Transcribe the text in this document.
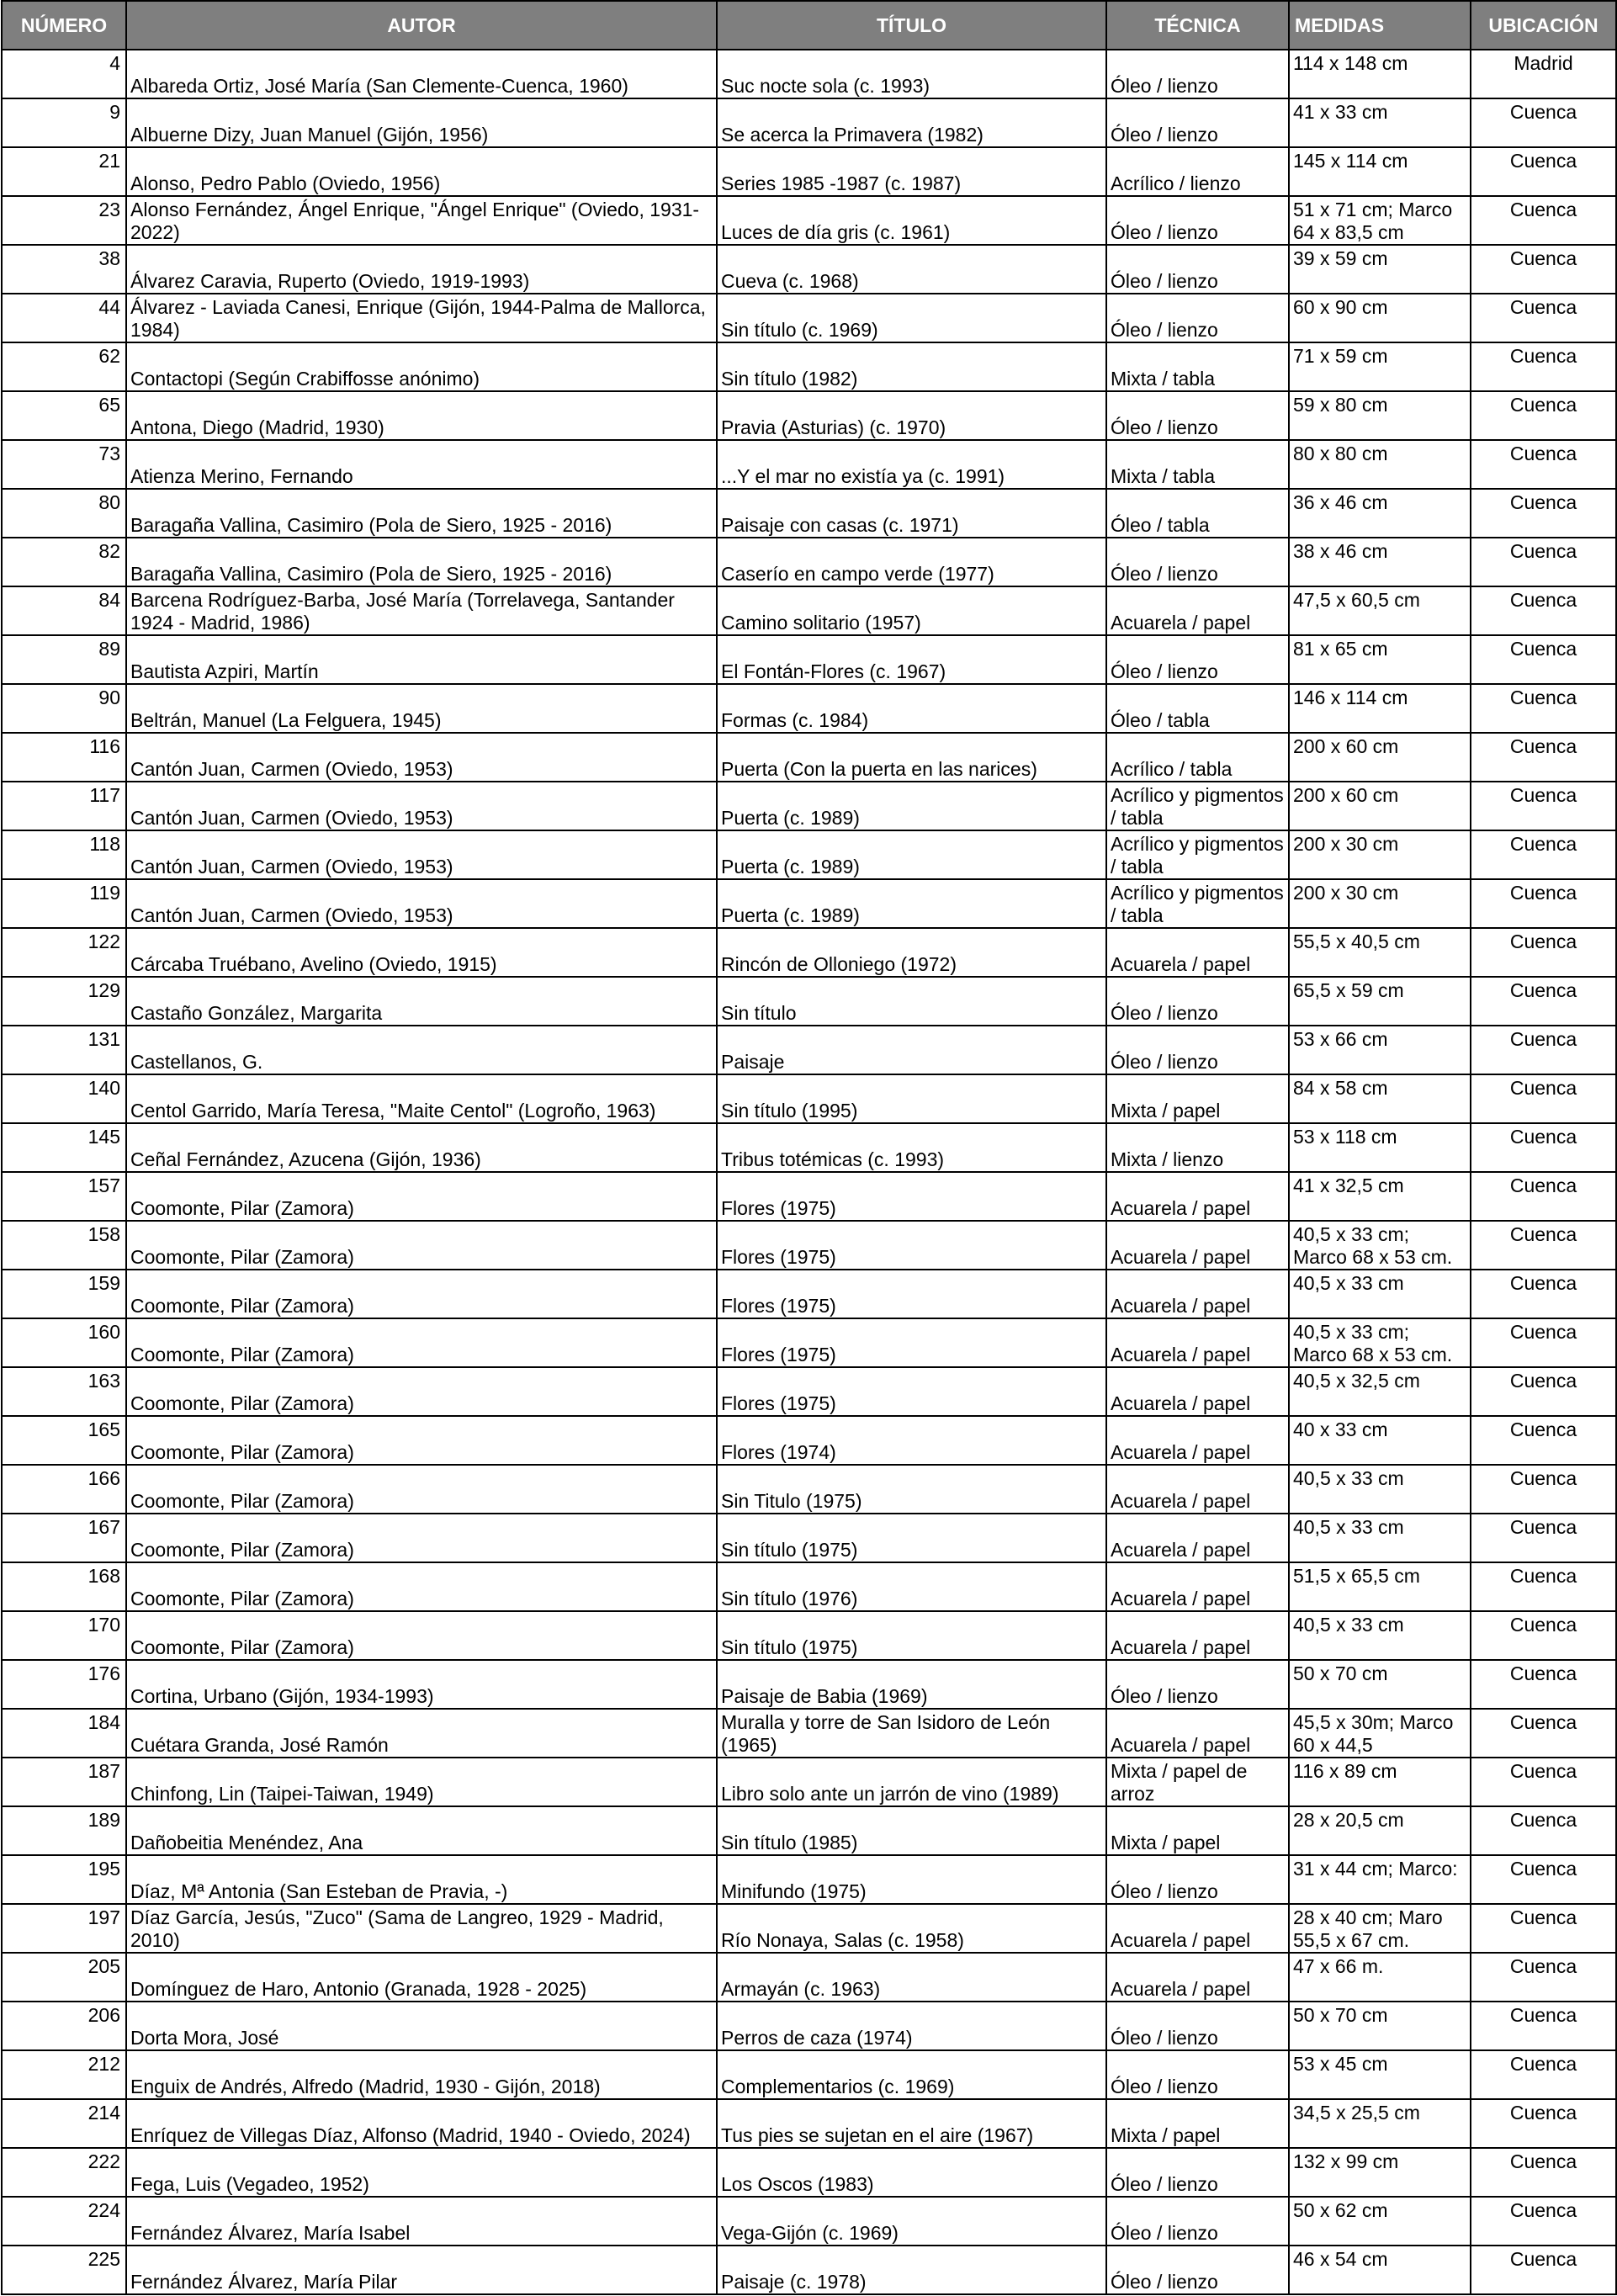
NÚMERO	AUTOR	TÍTULO	TÉCNICA	MEDIDAS	UBICACIÓN

4	Albareda Ortiz, José María (San Clemente-Cuenca, 1960)	Suc nocte sola (c. 1993)	Óleo / lienzo	114 x 148 cm	Madrid

9	Albuerne Dizy, Juan Manuel (Gijón, 1956)	Se acerca la Primavera (1982)	Óleo / lienzo	41 x 33 cm	Cuenca

21	Alonso, Pedro Pablo (Oviedo, 1956)	Series 1985 -1987 (c. 1987)	Acrílico / lienzo	145 x 114 cm	Cuenca

23	Alonso Fernández, Ángel Enrique, "Ángel Enrique" (Oviedo, 1931- 2022)	Luces de día gris (c. 1961)	Óleo / lienzo	51 x 71 cm; Marco 64 x 83,5 cm	Cuenca

38	Álvarez Caravia, Ruperto (Oviedo, 1919-1993)	Cueva (c. 1968)	Óleo / lienzo	39 x 59 cm	Cuenca

44	Álvarez - Laviada Canesi, Enrique (Gijón, 1944-Palma de Mallorca, 1984)	Sin título (c. 1969)	Óleo / lienzo	60 x 90 cm	Cuenca

62	Contactopi (Según Crabiffosse anónimo)	Sin título (1982)	Mixta / tabla	71 x 59 cm	Cuenca

65	Antona, Diego (Madrid, 1930)	Pravia (Asturias) (c. 1970)	Óleo / lienzo	59 x 80 cm	Cuenca

73	Atienza Merino, Fernando	...Y el mar no existía ya (c. 1991)	Mixta / tabla	80 x 80 cm	Cuenca

80	Baragaña Vallina, Casimiro (Pola de Siero, 1925 - 2016)	Paisaje con casas (c. 1971)	Óleo / tabla	36 x 46 cm	Cuenca

82	Baragaña Vallina, Casimiro (Pola de Siero, 1925 - 2016)	Caserío en campo verde (1977)	Óleo / lienzo	38 x 46 cm	Cuenca

84	Barcena Rodríguez-Barba, José María (Torrelavega, Santander 1924 - Madrid, 1986)	Camino solitario (1957)	Acuarela / papel	47,5 x 60,5 cm	Cuenca

89	Bautista Azpiri, Martín	El Fontán-Flores (c. 1967)	Óleo / lienzo	81 x 65 cm	Cuenca

90	Beltrán, Manuel (La Felguera, 1945)	Formas (c. 1984)	Óleo / tabla	146 x 114 cm	Cuenca

116	Cantón Juan, Carmen (Oviedo, 1953)	Puerta (Con la puerta en las narices)	Acrílico / tabla	200 x 60 cm	Cuenca

117	Cantón Juan, Carmen (Oviedo, 1953)	Puerta (c. 1989)	Acrílico y pigmentos / tabla	200 x 60 cm	Cuenca

118	Cantón Juan, Carmen (Oviedo, 1953)	Puerta (c. 1989)	Acrílico y pigmentos / tabla	200 x 30 cm	Cuenca

119	Cantón Juan, Carmen (Oviedo, 1953)	Puerta (c. 1989)	Acrílico y pigmentos / tabla	200 x 30 cm	Cuenca

122	Cárcaba Truébano, Avelino (Oviedo, 1915)	Rincón de Olloniego (1972)	Acuarela / papel	55,5 x 40,5 cm	Cuenca

129	Castaño González, Margarita	Sin título	Óleo / lienzo	65,5 x 59 cm	Cuenca

131	Castellanos, G.	Paisaje	Óleo / lienzo	53 x 66 cm	Cuenca

140	Centol Garrido, María Teresa, "Maite Centol" (Logroño, 1963)	Sin título (1995)	Mixta / papel	84 x 58 cm	Cuenca

145	Ceñal Fernández, Azucena (Gijón, 1936)	Tribus totémicas (c. 1993)	Mixta / lienzo	53 x 118 cm	Cuenca

157	Coomonte, Pilar (Zamora)	Flores (1975)	Acuarela / papel	41 x 32,5 cm	Cuenca

158	Coomonte, Pilar (Zamora)	Flores (1975)	Acuarela / papel	40,5 x 33 cm; Marco 68 x 53 cm.	Cuenca

159	Coomonte, Pilar (Zamora)	Flores (1975)	Acuarela / papel	40,5 x 33 cm	Cuenca

160	Coomonte, Pilar (Zamora)	Flores (1975)	Acuarela / papel	40,5 x 33 cm; Marco 68 x 53 cm.	Cuenca

163	Coomonte, Pilar (Zamora)	Flores (1975)	Acuarela / papel	40,5 x 32,5 cm	Cuenca

165	Coomonte, Pilar (Zamora)	Flores (1974)	Acuarela / papel	40 x 33 cm	Cuenca

166	Coomonte, Pilar (Zamora)	Sin Titulo (1975)	Acuarela / papel	40,5 x 33 cm	Cuenca

167	Coomonte, Pilar (Zamora)	Sin título (1975)	Acuarela / papel	40,5 x 33 cm	Cuenca

168	Coomonte, Pilar (Zamora)	Sin título (1976)	Acuarela / papel	51,5 x 65,5 cm	Cuenca

170	Coomonte, Pilar (Zamora)	Sin título (1975)	Acuarela / papel	40,5 x 33 cm	Cuenca

176	Cortina, Urbano (Gijón, 1934-1993)	Paisaje de Babia (1969)	Óleo / lienzo	50 x 70 cm	Cuenca

184	Cuétara Granda, José Ramón	Muralla y torre de San Isidoro de León (1965)	Acuarela / papel	45,5 x 30m; Marco 60 x 44,5	Cuenca

187	Chinfong, Lin (Taipei-Taiwan, 1949)	Libro solo ante un jarrón de vino (1989)	Mixta / papel de arroz	116 x 89 cm	Cuenca

189	Dañobeitia Menéndez, Ana	Sin título (1985)	Mixta / papel	28 x 20,5 cm	Cuenca

195	Díaz, Mª Antonia (San Esteban de Pravia, -)	Minifundo (1975)	Óleo / lienzo	31 x 44 cm; Marco:	Cuenca

197	Díaz García, Jesús, "Zuco" (Sama de Langreo, 1929 - Madrid, 2010)	Río Nonaya, Salas (c. 1958)	Acuarela / papel	28 x 40 cm; Maro 55,5 x 67 cm.	Cuenca

205	Domínguez de Haro, Antonio (Granada, 1928 - 2025)	Armayán (c. 1963)	Acuarela / papel	47 x 66 m.	Cuenca

206	Dorta Mora, José	Perros de caza (1974)	Óleo / lienzo	50 x 70 cm	Cuenca

212	Enguix de Andrés, Alfredo (Madrid, 1930 - Gijón, 2018)	Complementarios (c. 1969)	Óleo / lienzo	53 x 45 cm	Cuenca

214	Enríquez de Villegas Díaz, Alfonso (Madrid, 1940 - Oviedo, 2024)	Tus pies se sujetan en el aire (1967)	Mixta / papel	34,5 x 25,5 cm	Cuenca

222	Fega, Luis (Vegadeo, 1952)	Los Oscos (1983)	Óleo / lienzo	132 x 99 cm	Cuenca

224	Fernández Álvarez, María Isabel	Vega-Gijón (c. 1969)	Óleo / lienzo	50 x 62 cm	Cuenca

225	Fernández Álvarez, María Pilar	Paisaje (c. 1978)	Óleo / lienzo	46 x 54 cm	Cuenca
